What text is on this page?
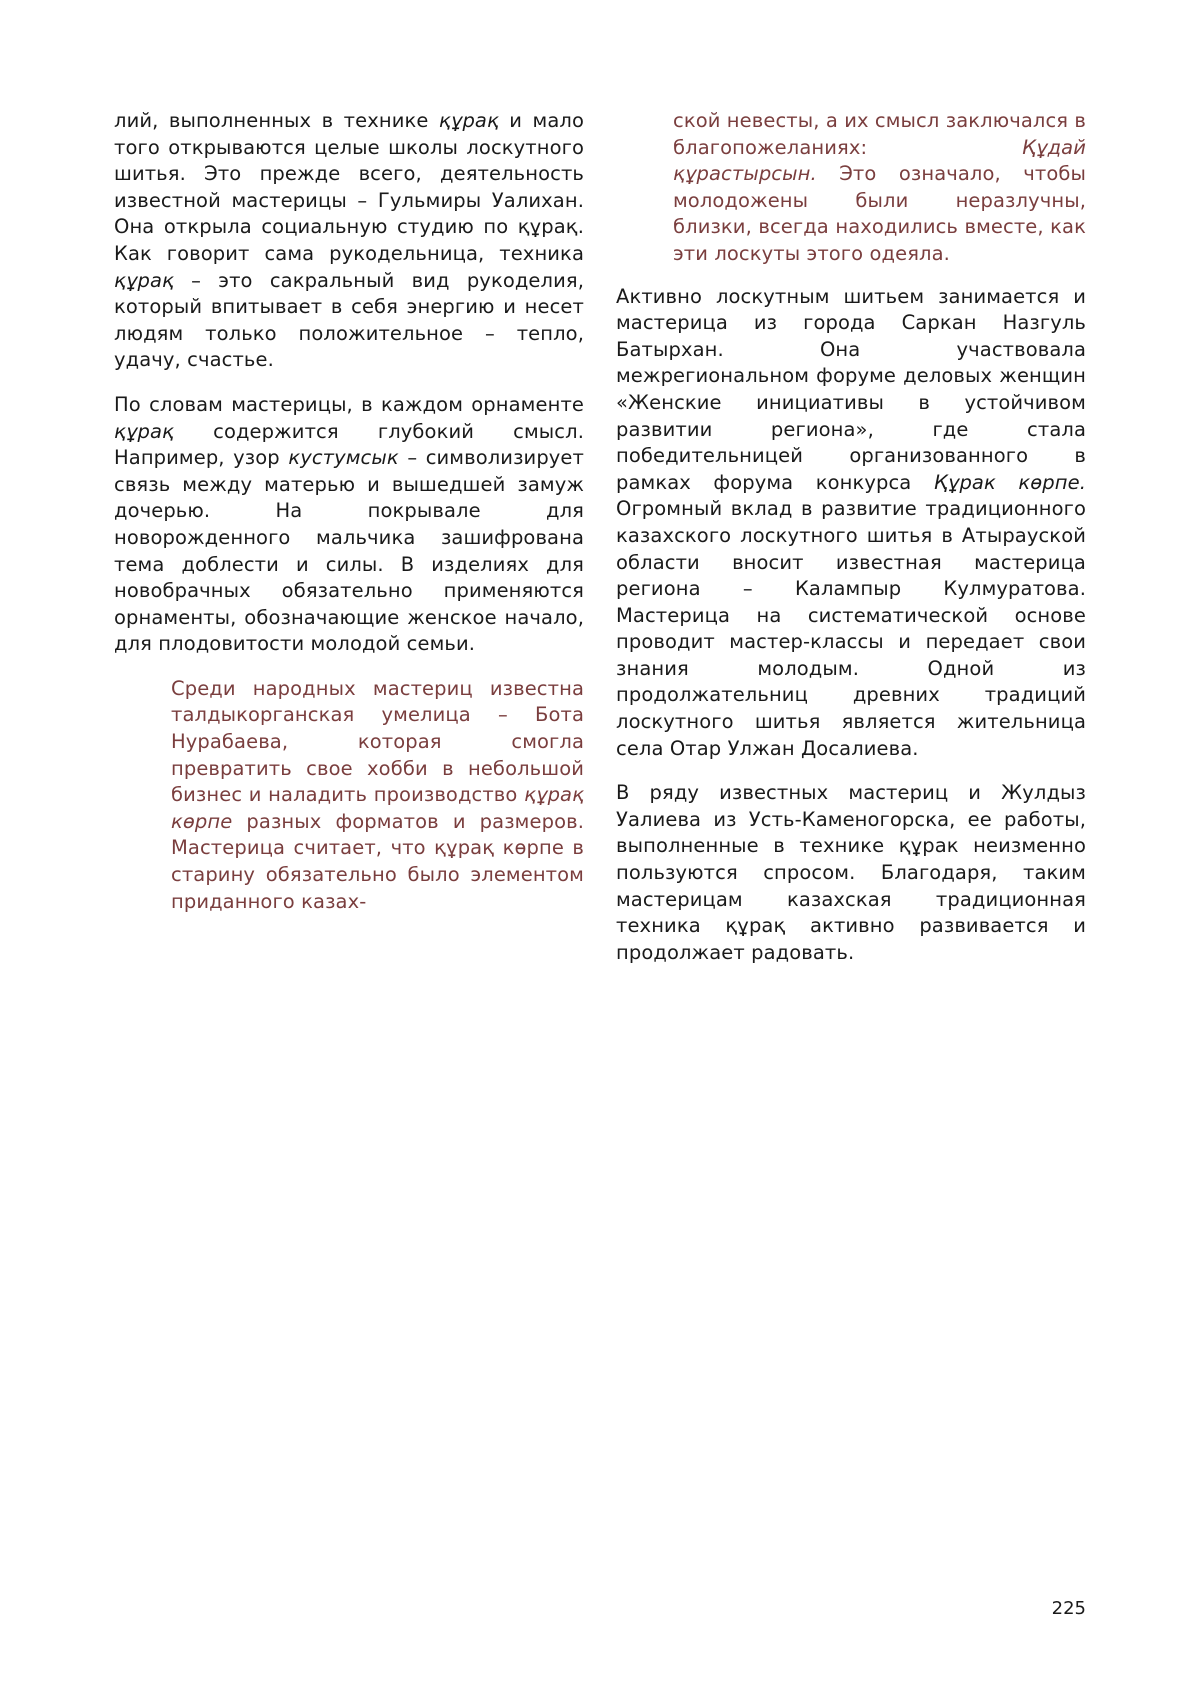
лий, выполненных в технике құрақ и мало того открываются целые школы лоскутного шитья. Это прежде всего, деятельность известной мастерицы – Гульмиры Уалихан. Она открыла социальную студию по құрақ. Как говорит сама рукодельница, техника құрақ – это сакральный вид рукоделия, который впитывает в себя энергию и несет людям только положительное – тепло, удачу, счастье.

По словам мастерицы, в каждом орнаменте құрақ содержится глубокий смысл. Например, узор кустумсык – символизирует связь между матерью и вышедшей замуж дочерью. На покрывале для новорожденного мальчика зашифрована тема доблести и силы. В изделиях для новобрачных обязательно применяются орнаменты, обозначающие женское начало, для плодовитости молодой семьи.

Среди народных мастериц известна талдыкорганская умелица – Бота Нурабаева, которая смогла превратить свое хобби в небольшой бизнес и наладить производство құрақ көрпе разных форматов и размеров. Мастерица считает, что құрақ көрпе в старину обязательно было элементом приданного казах-

ской невесты, а их смысл заключался в благопожеланиях: Құдай құрастырсын. Это означало, чтобы молодожены были неразлучны, близки, всегда находились вместе, как эти лоскуты этого одеяла.

Активно лоскутным шитьем занимается и мастерица из города Саркан Назгуль Батырхан. Она участвовала межрегиональном форуме деловых женщин «Женские инициативы в устойчивом развитии региона», где стала победительницей организованного в рамках форума конкурса Құрак көрпе. Огромный вклад в развитие традиционного казахского лоскутного шитья в Атырауской области вносит известная мастерица региона – Калампыр Кулмуратова. Мастерица на систематической основе проводит мастер-классы и передает свои знания молодым. Одной из продолжательниц древних традиций лоскутного шитья является жительница села Отар Улжан Досалиева.

В ряду известных мастериц и Жулдыз Уалиева из Усть-Каменогорска, ее работы, выполненные в технике құрак неизменно пользуются спросом. Благодаря, таким мастерицам казахская традиционная техника құрақ активно развивается и продолжает радовать.

225
